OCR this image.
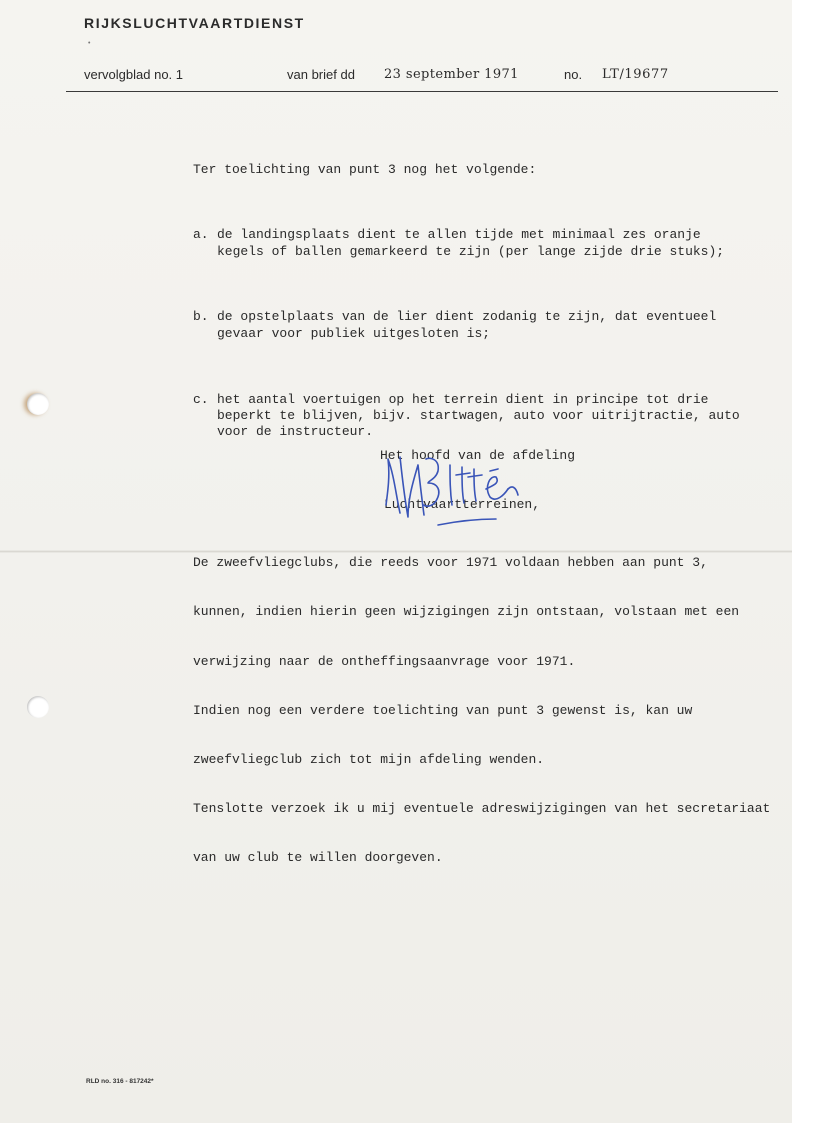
RIJKSLUCHTVAARTDIENST
•
vervolgblad no. 1	van brief dd 23 september 1971	no. LT/19677

Ter toelichting van punt 3 nog het volgende:

a. de landingsplaats dient te allen tijde met minimaal zes oranje
kegels of ballen gemarkeerd te zijn (per lange zijde drie stuks);

b. de opstelplaats van de lier dient zodanig te zijn, dat eventueel
gevaar voor publiek uitgesloten is;

c. het aantal voertuigen op het terrein dient in principe tot drie
beperkt te blijven, bijv. startwagen, auto voor uitrijtractie, auto
voor de instructeur.

De zweefvliegclubs, die reeds voor 1971 voldaan hebben aan punt 3,

kunnen, indien hierin geen wijzigingen zijn ontstaan, volstaan met een

verwijzing naar de ontheffingsaanvrage voor 1971.

Indien nog een verdere toelichting van punt 3 gewenst is, kan uw

zweefvliegclub zich tot mijn afdeling wenden.

Tenslotte verzoek ik u mij eventuele adreswijzigingen van het secretariaat

van uw club te willen doorgeven.

Het hoofd van de afdeling

Luchtvaartterreinen,

RLD no. 316 - 817242*
